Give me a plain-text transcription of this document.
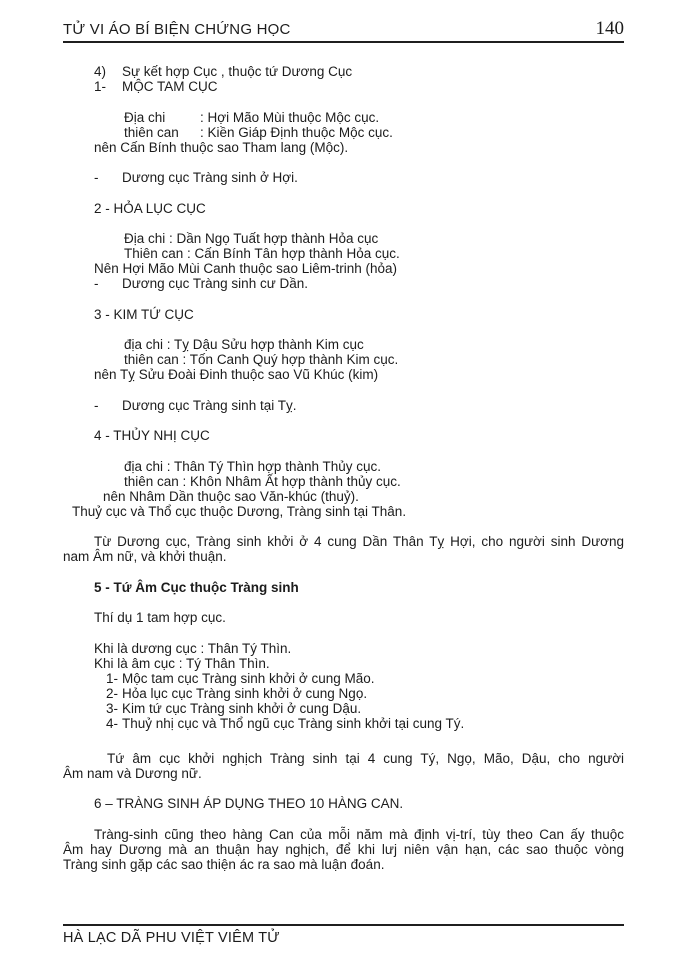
TỬ VI ÁO BÍ BIỆN CHỨNG HỌC	140
4) Sự kết hợp Cục , thuộc tứ Dương Cục
1- MỘC TAM CỤC
Địa chi	: Hợi Mão Mùi thuộc Mộc cục.
thiên can : Kiền Giáp Định thuộc Mộc cục.
nên Cấn Bính thuộc sao Tham lang (Mộc).
- Dương cục Tràng sinh ở Hợi.
2 - HỎA LỤC CỤC
Địa chi : Dần Ngọ Tuất hợp thành Hỏa cục
Thiên can : Cấn Bính Tân hợp thành Hỏa cục.
Nên Hợi Mão Mùi Canh thuộc sao Liêm-trinh (hỏa)
- Dương cục Tràng sinh cư Dần.
3 - KIM TỨ CỤC
địa chi : Tỵ Dậu Sửu hợp thành Kim cục
thiên can : Tốn Canh Quý hợp thành Kim cục.
nên Tỵ Sửu Đoài Đinh thuộc sao Vũ Khúc (kim)
- Dương cục Tràng sinh tại Tỵ.
4 - THỦY NHỊ CỤC
địa chi : Thân Tý Thìn hợp thành Thủy cục.
thiên can : Khôn Nhâm Ất hợp thành thủy cục.
nên Nhâm Dần thuộc sao Văn-khúc (thuỷ).
Thuỷ cục và Thổ cục thuộc Dương, Tràng sinh tại Thân.
Từ Dương cục, Tràng sinh khởi ở 4 cung Dần Thân Tỵ Hợi, cho người sinh Dương
nam Âm nữ, và khởi thuận.
5 - Tứ Âm Cục thuộc Tràng sinh
Thí dụ 1 tam hợp cục.
Khi là dương cục : Thân Tý Thìn.
Khi là âm cục : Tý Thân Thìn.
1- Mộc tam cục Tràng sinh khởi ở cung Mão.
2- Hỏa lục cục Tràng sinh khởi ở cung Ngọ.
3- Kim tứ cục Tràng sinh khởi ở cung Dậu.
4- Thuỷ nhị cục và Thổ ngũ cục Tràng sinh khởi tại cung Tý.
Tứ âm cục khởi nghịch Tràng sinh tại 4 cung Tý, Ngọ, Mão, Dậu, cho người
Âm nam và Dương nữ.
6 – TRÀNG SINH ÁP DỤNG THEO 10 HÀNG CAN.
Tràng-sinh cũng theo hàng Can của mỗi năm mà định vị-trí, tùy theo Can ấy thuộc
Âm hay Dương mà an thuận hay nghịch, để khi lưj niên vận hạn, các sao thuộc vòng
Tràng sinh gặp các sao thiện ác ra sao mà luận đoán.
HÀ LẠC DÃ PHU VIỆT VIÊM TỬ
